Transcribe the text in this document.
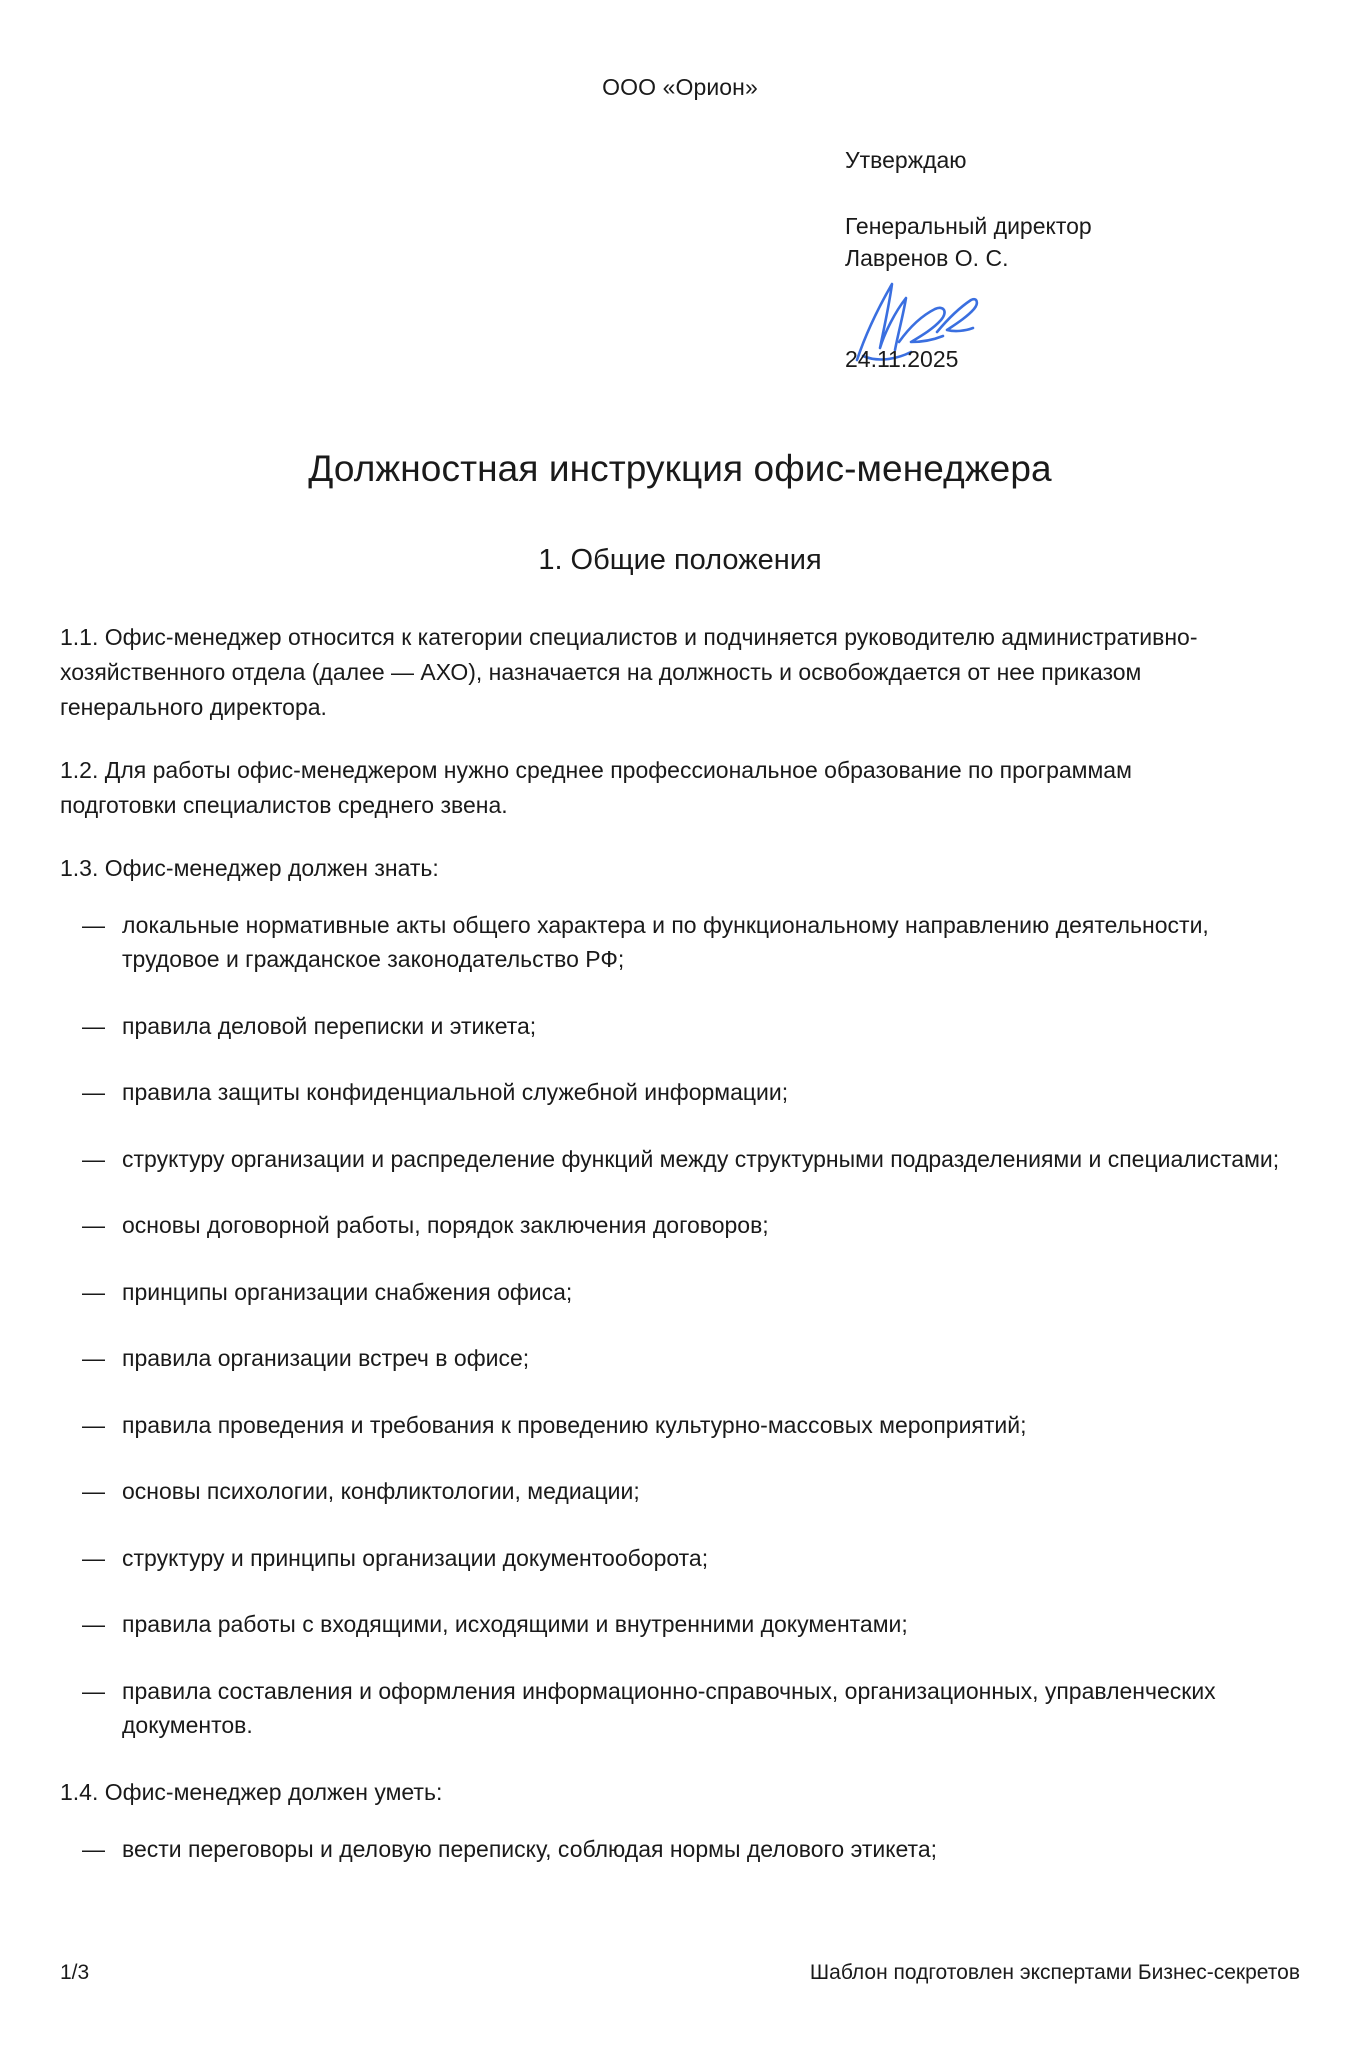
ООО «Орион»

Утверждаю

Генеральный директор

Лавренов О. С.

24.11.2025

Должностная инструкция офис-менеджера
1. Общие положения

1.1. Офис-менеджер относится к категории специалистов и подчиняется руководителю административно-хозяйственного отдела (далее — АХО), назначается на должность и освобождается от нее приказом генерального директора.

1.2. Для работы офис-менеджером нужно среднее профессиональное образование по программам подготовки специалистов среднего звена.

1.3. Офис-менеджер должен знать:

— локальные нормативные акты общего характера и по функциональному направлению деятельности, трудовое и гражданское законодательство РФ;
— правила деловой переписки и этикета;
— правила защиты конфиденциальной служебной информации;
— структуру организации и распределение функций между структурными подразделениями и специалистами;
— основы договорной работы, порядок заключения договоров;
— принципы организации снабжения офиса;
— правила организации встреч в офисе;
— правила проведения и требования к проведению культурно-массовых мероприятий;
— основы психологии, конфликтологии, медиации;
— структуру и принципы организации документооборота;
— правила работы с входящими, исходящими и внутренними документами;
— правила составления и оформления информационно-справочных, организационных, управленческих документов.

1.4. Офис-менеджер должен уметь:

— вести переговоры и деловую переписку, соблюдая нормы делового этикета;
1/3	Шаблон подготовлен экспертами Бизнес-секретов
